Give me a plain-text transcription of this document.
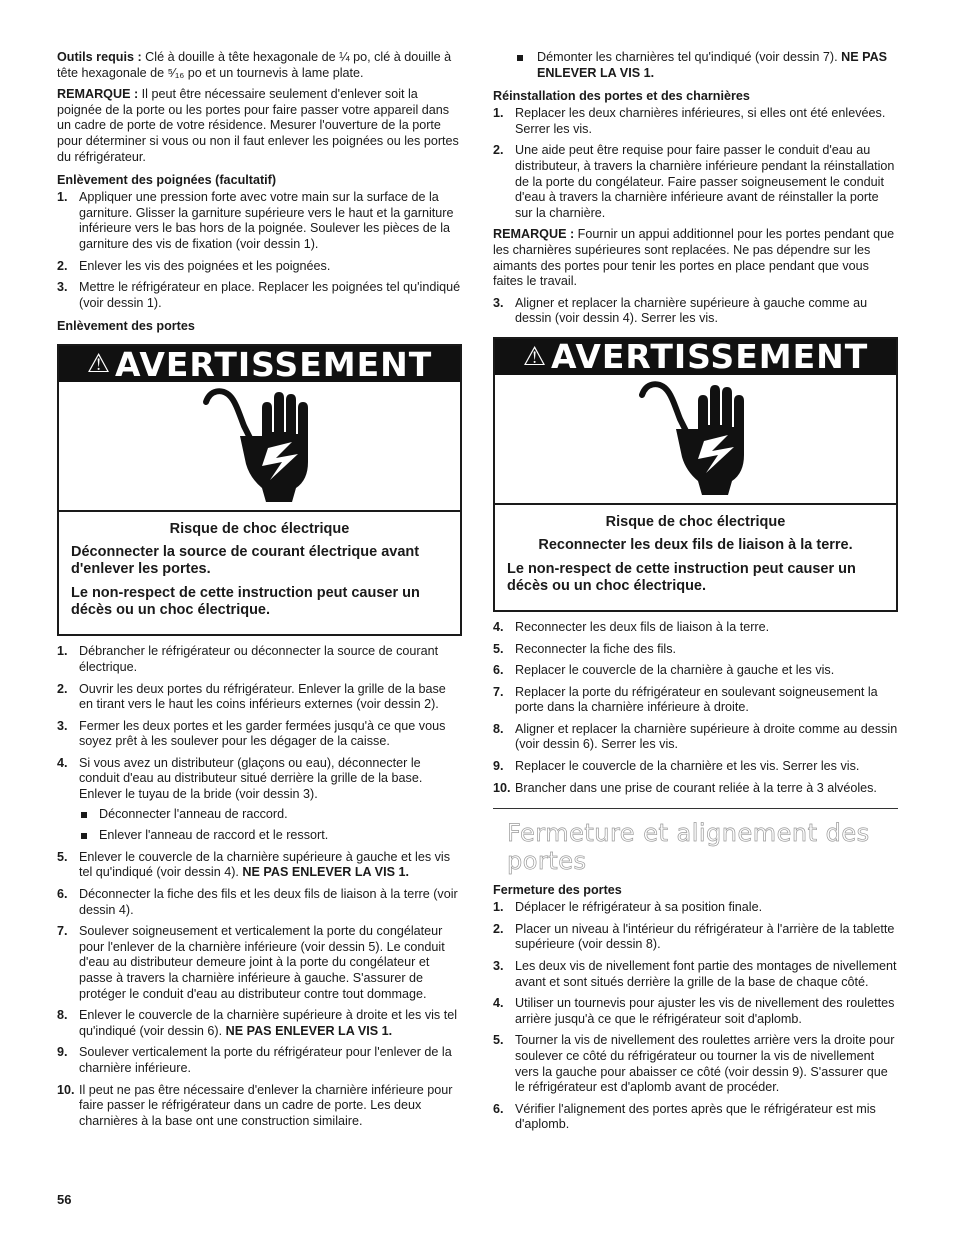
Outils requis : Clé à douille à tête hexagonale de ¼ po, clé à douille à tête hexagonale de ⁵⁄₁₆ po et un tournevis à lame plate.

REMARQUE : Il peut être nécessaire seulement d'enlever soit la poignée de la porte ou les portes pour faire passer votre appareil dans un cadre de porte de votre résidence. Mesurer l'ouverture de la porte pour déterminer si vous ou non il faut enlever les poignées ou les portes du réfrigérateur.

Enlèvement des poignées (facultatif)
1. Appliquer une pression forte avec votre main sur la surface de la garniture. Glisser la garniture supérieure vers le haut et la garniture inférieure vers le bas hors de la poignée. Soulever les pièces de la garniture des vis de fixation (voir dessin 1).
2. Enlever les vis des poignées et les poignées.
3. Mettre le réfrigérateur en place. Replacer les poignées tel qu'indiqué (voir dessin 1).
Enlèvement des portes
⚠ AVERTISSEMENT
Risque de choc électrique
Déconnecter la source de courant électrique avant d'enlever les portes.
Le non-respect de cette instruction peut causer un décès ou un choc électrique.
1. Débrancher le réfrigérateur ou déconnecter la source de courant électrique.
2. Ouvrir les deux portes du réfrigérateur. Enlever la grille de la base en tirant vers le haut les coins inférieurs externes (voir dessin 2).
3. Fermer les deux portes et les garder fermées jusqu'à ce que vous soyez prêt à les soulever pour les dégager de la caisse.
4. Si vous avez un distributeur (glaçons ou eau), déconnecter le conduit d'eau au distributeur situé derrière la grille de la base. Enlever le tuyau de la bride (voir dessin 3).
Déconnecter l'anneau de raccord.
Enlever l'anneau de raccord et le ressort.
5. Enlever le couvercle de la charnière supérieure à gauche et les vis tel qu'indiqué (voir dessin 4). NE PAS ENLEVER LA VIS 1.
6. Déconnecter la fiche des fils et les deux fils de liaison à la terre (voir dessin 4).
7. Soulever soigneusement et verticalement la porte du congélateur pour l'enlever de la charnière inférieure (voir dessin 5). Le conduit d'eau au distributeur demeure joint à la porte du congélateur et passe à travers la charnière inférieure à gauche. S'assurer de protéger le conduit d'eau au distributeur contre tout dommage.
8. Enlever le couvercle de la charnière supérieure à droite et les vis tel qu'indiqué (voir dessin 6). NE PAS ENLEVER LA VIS 1.
9. Soulever verticalement la porte du réfrigérateur pour l'enlever de la charnière inférieure.
10. Il peut ne pas être nécessaire d'enlever la charnière inférieure pour faire passer le réfrigérateur dans un cadre de porte. Les deux charnières à la base ont une construction similaire.
Démonter les charnières tel qu'indiqué (voir dessin 7). NE PAS ENLEVER LA VIS 1.
Réinstallation des portes et des charnières
1. Replacer les deux charnières inférieures, si elles ont été enlevées. Serrer les vis.
2. Une aide peut être requise pour faire passer le conduit d'eau au distributeur, à travers la charnière inférieure pendant la réinstallation de la porte du congélateur. Faire passer soigneusement le conduit d'eau à travers la charnière inférieure avant de réinstaller la porte sur la charnière.

REMARQUE : Fournir un appui additionnel pour les portes pendant que les charnières supérieures sont replacées. Ne pas dépendre sur les aimants des portes pour tenir les portes en place pendant que vous faites le travail.

3. Aligner et replacer la charnière supérieure à gauche comme au dessin (voir dessin 4). Serrer les vis.
⚠ AVERTISSEMENT
Risque de choc électrique
Reconnecter les deux fils de liaison à la terre.
Le non-respect de cette instruction peut causer un décès ou un choc électrique.
4. Reconnecter les deux fils de liaison à la terre.
5. Reconnecter la fiche des fils.
6. Replacer le couvercle de la charnière à gauche et les vis.
7. Replacer la porte du réfrigérateur en soulevant soigneusement la porte dans la charnière inférieure à droite.
8. Aligner et replacer la charnière supérieure à droite comme au dessin (voir dessin 6). Serrer les vis.
9. Replacer le couvercle de la charnière et les vis. Serrer les vis.
10. Brancher dans une prise de courant reliée à la terre à 3 alvéoles.
Fermeture et alignement des portes
Fermeture des portes
1. Déplacer le réfrigérateur à sa position finale.
2. Placer un niveau à l'intérieur du réfrigérateur à l'arrière de la tablette supérieure (voir dessin 8).
3. Les deux vis de nivellement font partie des montages de nivellement avant et sont situés derrière la grille de la base de chaque côté.
4. Utiliser un tournevis pour ajuster les vis de nivellement des roulettes arrière jusqu'à ce que le réfrigérateur soit d'aplomb.
5. Tourner la vis de nivellement des roulettes arrière vers la droite pour soulever ce côté du réfrigérateur ou tourner la vis de nivellement vers la gauche pour abaisser ce côté (voir dessin 9). S'assurer que le réfrigérateur est d'aplomb avant de procéder.
6. Vérifier l'alignement des portes après que le réfrigérateur est mis d'aplomb.
56
